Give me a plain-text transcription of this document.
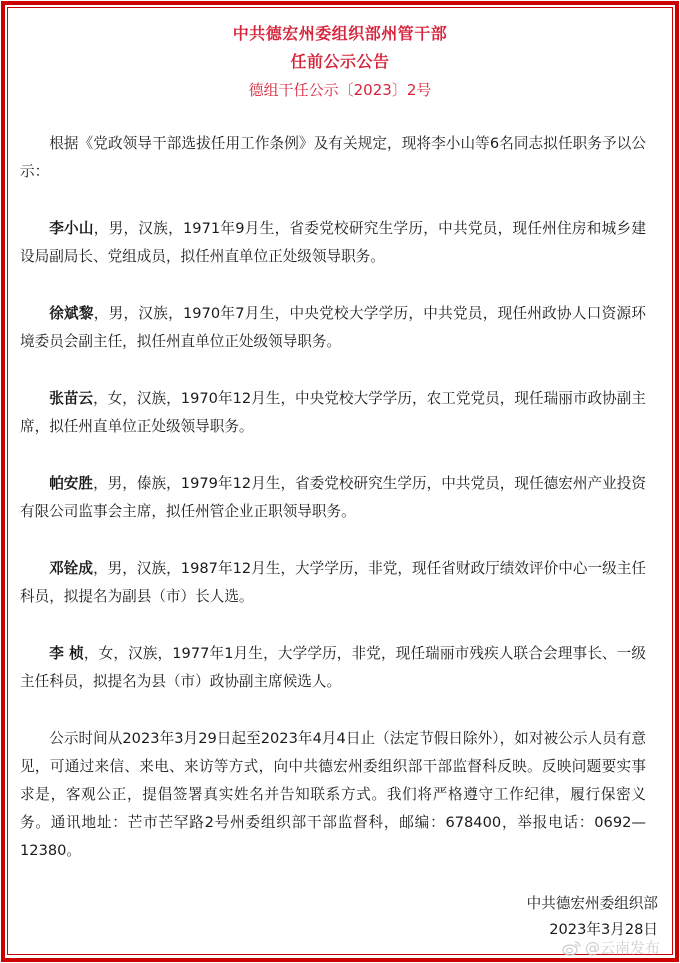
中共德宏州委组织部州管干部
任前公示公告
德组干任公示〔2023〕2号

根据《党政领导干部选拔任用工作条例》及有关规定，现将李小山等6名同志拟任职务予以公示：

李小山，男，汉族，1971年9月生，省委党校研究生学历，中共党员，现任州住房和城乡建设局副局长、党组成员，拟任州直单位正处级领导职务。

徐斌黎，男，汉族，1970年7月生，中央党校大学学历，中共党员，现任州政协人口资源环境委员会副主任，拟任州直单位正处级领导职务。

张苗云，女，汉族，1970年12月生，中央党校大学学历，农工党党员，现任瑞丽市政协副主席，拟任州直单位正处级领导职务。

帕安胜，男，傣族，1979年12月生，省委党校研究生学历，中共党员，现任德宏州产业投资有限公司监事会主席，拟任州管企业正职领导职务。

邓铨成，男，汉族，1987年12月生，大学学历，非党，现任省财政厅绩效评价中心一级主任科员，拟提名为副县（市）长人选。

李 桢，女，汉族，1977年1月生，大学学历，非党，现任瑞丽市残疾人联合会理事长、一级主任科员，拟提名为县（市）政协副主席候选人。

公示时间从2023年3月29日起至2023年4月4日止（法定节假日除外），如对被公示人员有意见，可通过来信、来电、来访等方式，向中共德宏州委组织部干部监督科反映。反映问题要实事求是，客观公正，提倡签署真实姓名并告知联系方式。我们将严格遵守工作纪律，履行保密义务。通讯地址：芒市芒罕路2号州委组织部干部监督科，邮编：678400，举报电话：0692—12380。

中共德宏州委组织部
2023年3月28日
@云南发布
